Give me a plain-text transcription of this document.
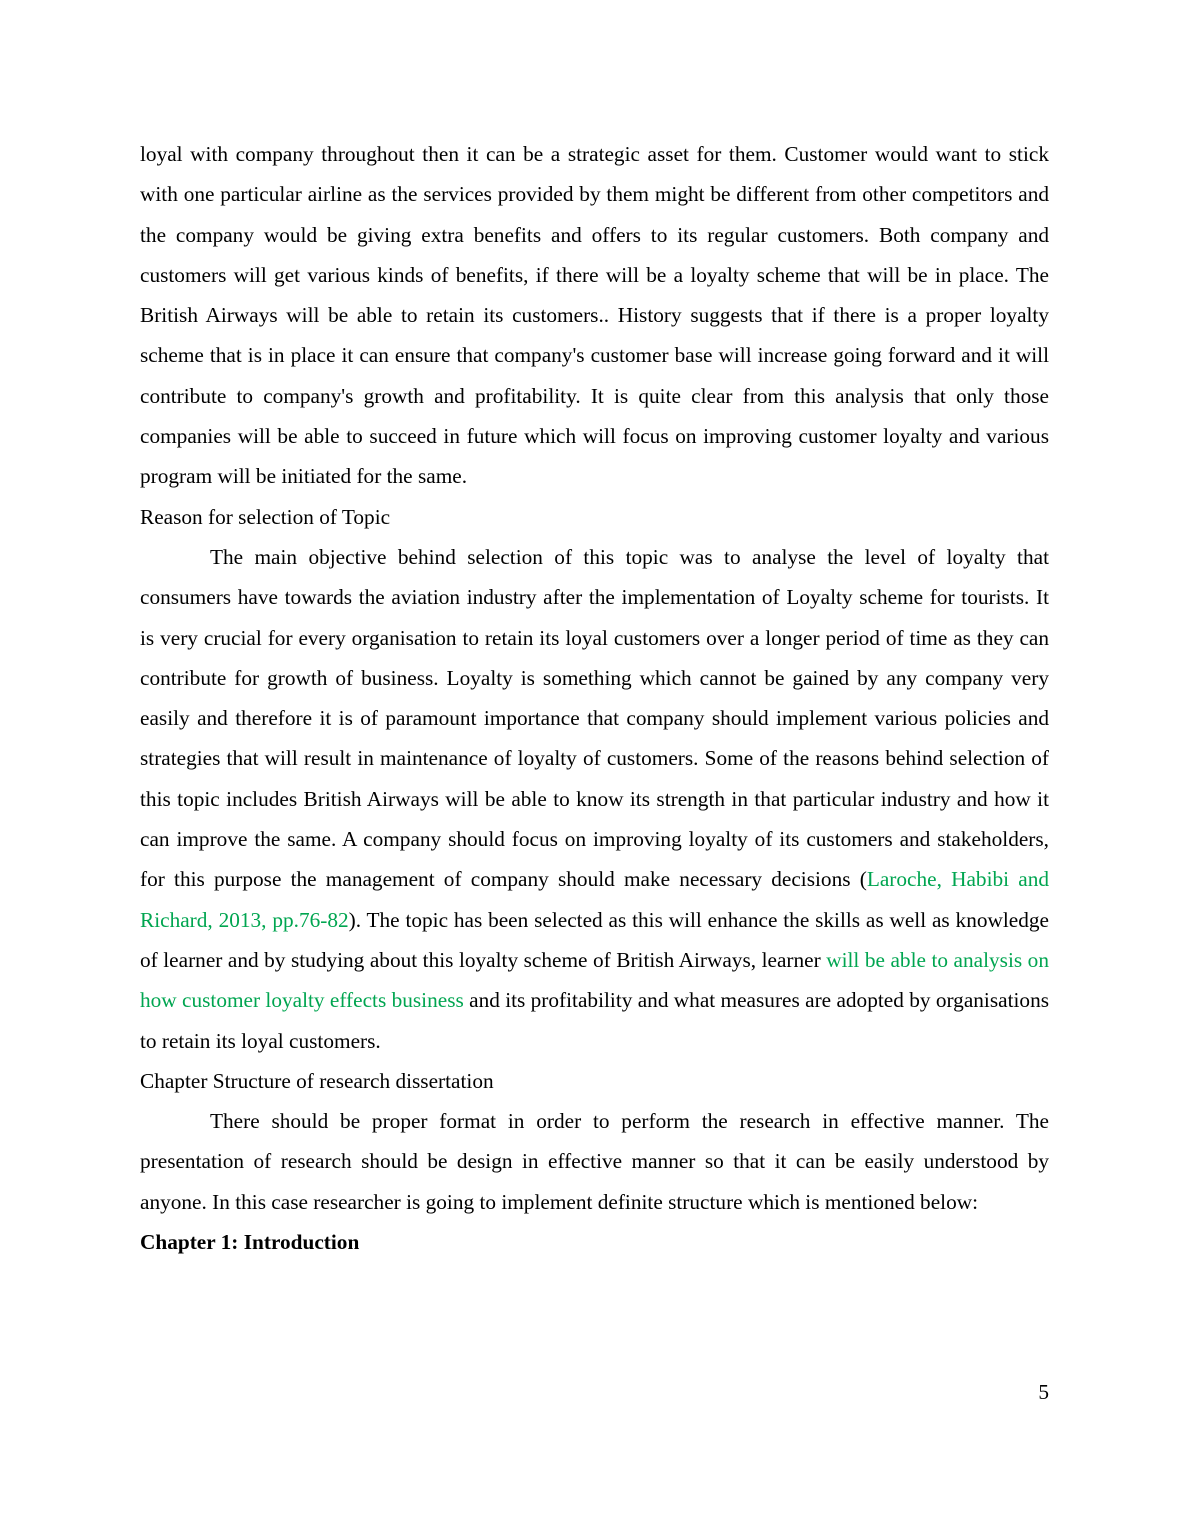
loyal with company throughout then it can be a strategic asset for them. Customer would want to stick with one particular airline as the services provided by them might be different from other competitors and the company would be giving extra benefits and offers to its regular customers. Both company and customers will get various kinds of benefits, if there will be a loyalty scheme that will be in place. The British Airways will be able to retain its customers.. History suggests that if there is a proper loyalty scheme that is in place it can ensure that company's customer base will increase going forward and it will contribute to company's growth and profitability. It is quite clear from this analysis that only those companies will be able to succeed in future which will focus on improving customer loyalty and various program will be initiated for the same.

Reason for selection of Topic

The main objective behind selection of this topic was to analyse the level of loyalty that consumers have towards the aviation industry after the implementation of Loyalty scheme for tourists. It is very crucial for every organisation to retain its loyal customers over a longer period of time as they can contribute for growth of business. Loyalty is something which cannot be gained by any company very easily and therefore it is of paramount importance that company should implement various policies and strategies that will result in maintenance of loyalty of customers. Some of the reasons behind selection of this topic includes British Airways will be able to know its strength in that particular industry and how it can improve the same. A company should focus on improving loyalty of its customers and stakeholders, for this purpose the management of company should make necessary decisions (Laroche, Habibi and Richard, 2013, pp.76-82). The topic has been selected as this will enhance the skills as well as knowledge of learner and by studying about this loyalty scheme of British Airways, learner will be able to analysis on how customer loyalty effects business and its profitability and what measures are adopted by organisations to retain its loyal customers.

Chapter Structure of research dissertation

There should be proper format in order to perform the research in effective manner. The presentation of research should be design in effective manner so that it can be easily understood by anyone. In this case researcher is going to implement definite structure which is mentioned below:

Chapter 1: Introduction

5
